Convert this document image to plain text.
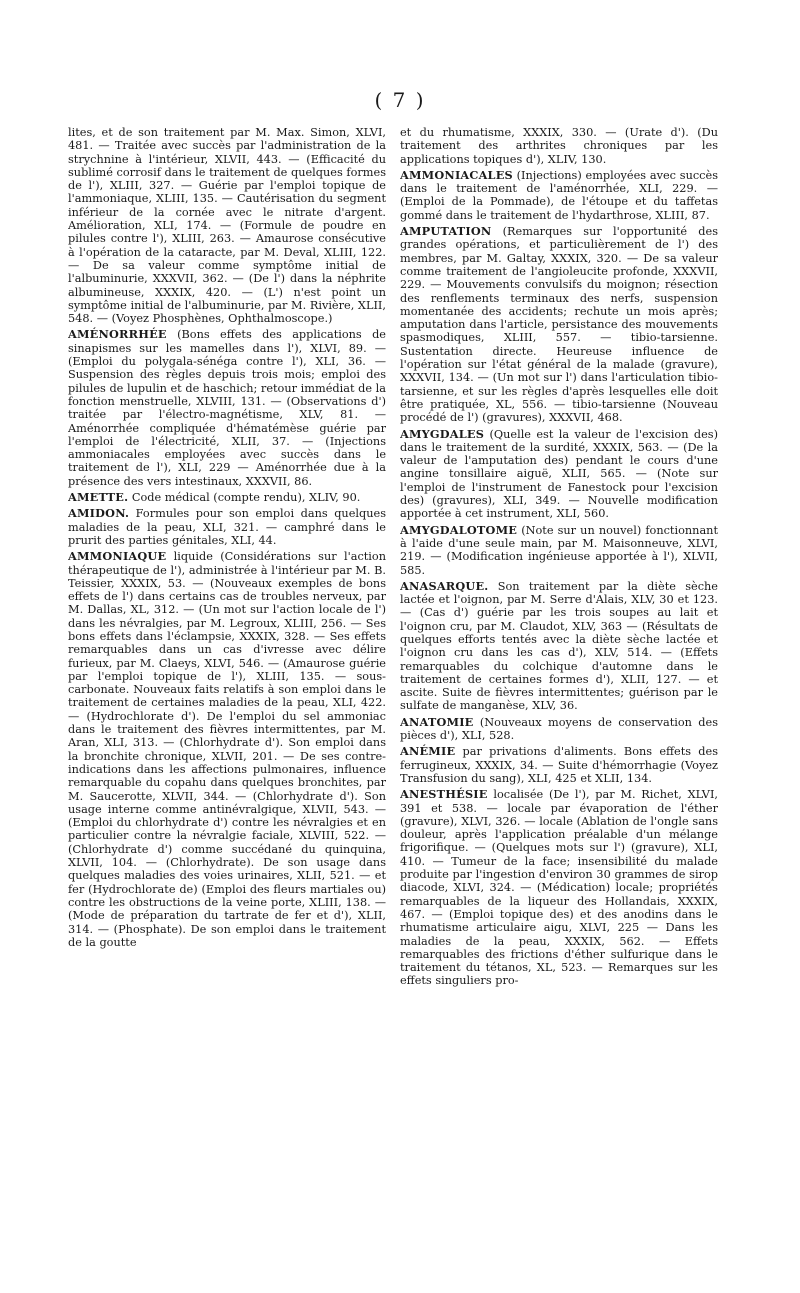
( 7 )

lites, et de son traitement par M. Max. Simon, XLVI, 481. — Traitée avec succès par l'administration de la strychnine à l'intérieur, XLVII, 443. — (Efficacité du sublimé corrosif dans le traitement de quelques formes de l'), XLIII, 327. — Guérie par l'emploi topique de l'ammoniaque, XLIII, 135. — Cautérisation du segment inférieur de la cornée avec le nitrate d'argent. Amélioration, XLI, 174. — (Formule de poudre en pilules contre l'), XLIII, 263. — Amaurose consécutive à l'opération de la cataracte, par M. Deval, XLIII, 122. — De sa valeur comme symptôme initial de l'albuminurie, XXXVII, 362. — (De l') dans la néphrite albumineuse, XXXIX, 420. — (L') n'est point un symptôme initial de l'albuminurie, par M. Rivière, XLII, 548. — (Voyez Phosphènes, Ophthalmoscope.)

AMÉNORRHÉE (Bons effets des applications de sinapismes sur les mamelles dans l'), XLVI, 89. — (Emploi du polygala-sénéga contre l'), XLI, 36. — Suspension des règles depuis trois mois; emploi des pilules de lupulin et de haschich; retour immédiat de la fonction menstruelle, XLVIII, 131. — (Observations d') traitée par l'électro-magnétisme, XLV, 81. — Aménorrhée compliquée d'hématémèse guérie par l'emploi de l'électricité, XLII, 37. — (Injections ammoniacales employées avec succès dans le traitement de l'), XLI, 229 — Aménorrhée due à la présence des vers intestinaux, XXXVII, 86.

AMETTE. Code médical (compte rendu), XLIV, 90.

AMIDON. Formules pour son emploi dans quelques maladies de la peau, XLI, 321. — camphré dans le prurit des parties génitales, XLI, 44.

AMMONIAQUE liquide (Considérations sur l'action thérapeutique de l'), administrée à l'intérieur par M. B. Teissier, XXXIX, 53. — (Nouveaux exemples de bons effets de l') dans certains cas de troubles nerveux, par M. Dallas, XL, 312. — (Un mot sur l'action locale de l') dans les névralgies, par M. Legroux, XLIII, 256. — Ses bons effets dans l'éclampsie, XXXIX, 328. — Ses effets remarquables dans un cas d'ivresse avec délire furieux, par M. Claeys, XLVI, 546. — (Amaurose guérie par l'emploi topique de l'), XLIII, 135. — sous-carbonate. Nouveaux faits relatifs à son emploi dans le traitement de certaines maladies de la peau, XLI, 422. — (Hydrochlorate d'). De l'emploi du sel ammoniac dans le traitement des fièvres intermittentes, par M. Aran, XLI, 313. — (Chlorhydrate d'). Son emploi dans la bronchite chronique, XLVII, 201. — De ses contre-indications dans les affections pulmonaires, influence remarquable du copahu dans quelques bronchites, par M. Saucerotte, XLVII, 344. — (Chlorhydrate d'). Son usage interne comme antinévralgique, XLVII, 543. — (Emploi du chlorhydrate d') contre les névralgies et en particulier contre la névralgie faciale, XLVIII, 522. — (Chlorhydrate d') comme succédané du quinquina, XLVII, 104. — (Chlorhydrate). De son usage dans quelques maladies des voies urinaires, XLII, 521. — et fer (Hydrochlorate de) (Emploi des fleurs martiales ou) contre les obstructions de la veine porte, XLIII, 138. — (Mode de préparation du tartrate de fer et d'), XLII, 314. — (Phosphate). De son emploi dans le traitement de la goutte

et du rhumatisme, XXXIX, 330. — (Urate d'). (Du traitement des arthrites chroniques par les applications topiques d'), XLIV, 130.

AMMONIACALES (Injections) employées avec succès dans le traitement de l'aménorrhée, XLI, 229. — (Emploi de la Pommade), de l'étoupe et du taffetas gommé dans le traitement de l'hydarthrose, XLIII, 87.

AMPUTATION (Remarques sur l'opportunité des grandes opérations, et particulièrement de l') des membres, par M. Galtay, XXXIX, 320. — De sa valeur comme traitement de l'angioleucite profonde, XXXVII, 229. — Mouvements convulsifs du moignon; résection des renflements terminaux des nerfs, suspension momentanée des accidents; rechute un mois après; amputation dans l'article, persistance des mouvements spasmodiques, XLIII, 557. — tibio-tarsienne. Sustentation directe. Heureuse influence de l'opération sur l'état général de la malade (gravure), XXXVII, 134. — (Un mot sur l') dans l'articulation tibio-tarsienne, et sur les règles d'après lesquelles elle doit être pratiquée, XL, 556. — tibio-tarsienne (Nouveau procédé de l') (gravures), XXXVII, 468.

AMYGDALES (Quelle est la valeur de l'excision des) dans le traitement de la surdité, XXXIX, 563. — (De la valeur de l'amputation des) pendant le cours d'une angine tonsillaire aiguë, XLII, 565. — (Note sur l'emploi de l'instrument de Fanestock pour l'excision des) (gravures), XLI, 349. — Nouvelle modification apportée à cet instrument, XLI, 560.

AMYGDALOTOME (Note sur un nouvel) fonctionnant à l'aide d'une seule main, par M. Maisonneuve, XLVI, 219. — (Modification ingénieuse apportée à l'), XLVII, 585.

ANASARQUE. Son traitement par la diète sèche lactée et l'oignon, par M. Serre d'Alais, XLV, 30 et 123. — (Cas d') guérie par les trois soupes au lait et l'oignon cru, par M. Claudot, XLV, 363 — (Résultats de quelques efforts tentés avec la diète sèche lactée et l'oignon cru dans les cas d'), XLV, 514. — (Effets remarquables du colchique d'automne dans le traitement de certaines formes d'), XLII, 127. — et ascite. Suite de fièvres intermittentes; guérison par le sulfate de manganèse, XLV, 36.

ANATOMIE (Nouveaux moyens de conservation des pièces d'), XLI, 528.

ANÉMIE par privations d'aliments. Bons effets des ferrugineux, XXXIX, 34. — Suite d'hémorrhagie (Voyez Transfusion du sang), XLI, 425 et XLII, 134.

ANESTHÉSIE localisée (De l'), par M. Richet, XLVI, 391 et 538. — locale par évaporation de l'éther (gravure), XLVI, 326. — locale (Ablation de l'ongle sans douleur, après l'application préalable d'un mélange frigorifique. — (Quelques mots sur l') (gravure), XLI, 410. — Tumeur de la face; insensibilité du malade produite par l'ingestion d'environ 30 grammes de sirop diacode, XLVI, 324. — (Médication) locale; propriétés remarquables de la liqueur des Hollandais, XXXIX, 467. — (Emploi topique des) et des anodins dans le rhumatisme articulaire aigu, XLVI, 225 — Dans les maladies de la peau, XXXIX, 562. — Effets remarquables des frictions d'éther sulfurique dans le traitement du tétanos, XL, 523. — Remarques sur les effets singuliers pro-
